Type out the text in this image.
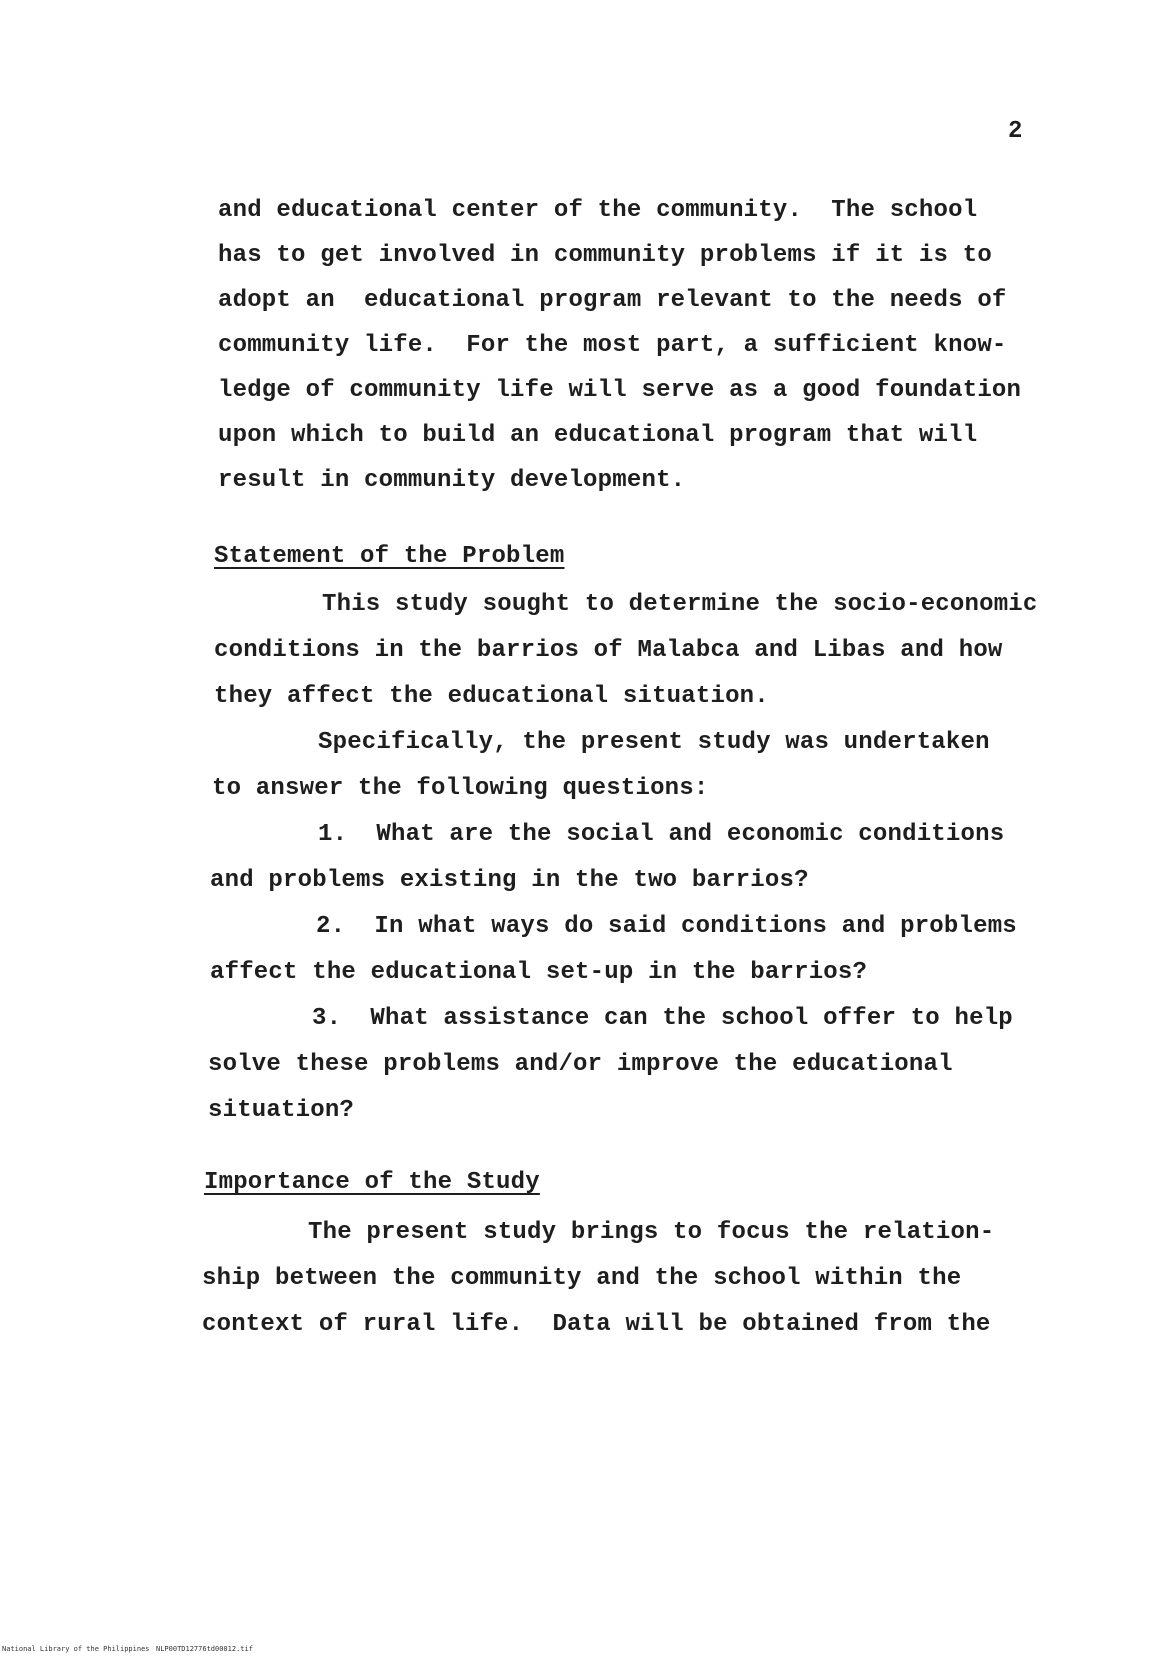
2
and educational center of the community.  The school
has to get involved in community problems if it is to
adopt an  educational program relevant to the needs of
community life.  For the most part, a sufficient know-
ledge of community life will serve as a good foundation
upon which to build an educational program that will
result in community development.
Statement of the Problem
This study sought to determine the socio-economic
conditions in the barrios of Malabca and Libas and how
they affect the educational situation.
Specifically, the present study was undertaken
to answer the following questions:
1.  What are the social and economic conditions
and problems existing in the two barrios?
2.  In what ways do said conditions and problems
affect the educational set-up in the barrios?
3.  What assistance can the school offer to help
solve these problems and/or improve the educational
situation?
Importance of the Study
The present study brings to focus the relation-
ship between the community and the school within the
context of rural life.  Data will be obtained from the
National Library of the Philippines NLP00TD12776td00012.tif
